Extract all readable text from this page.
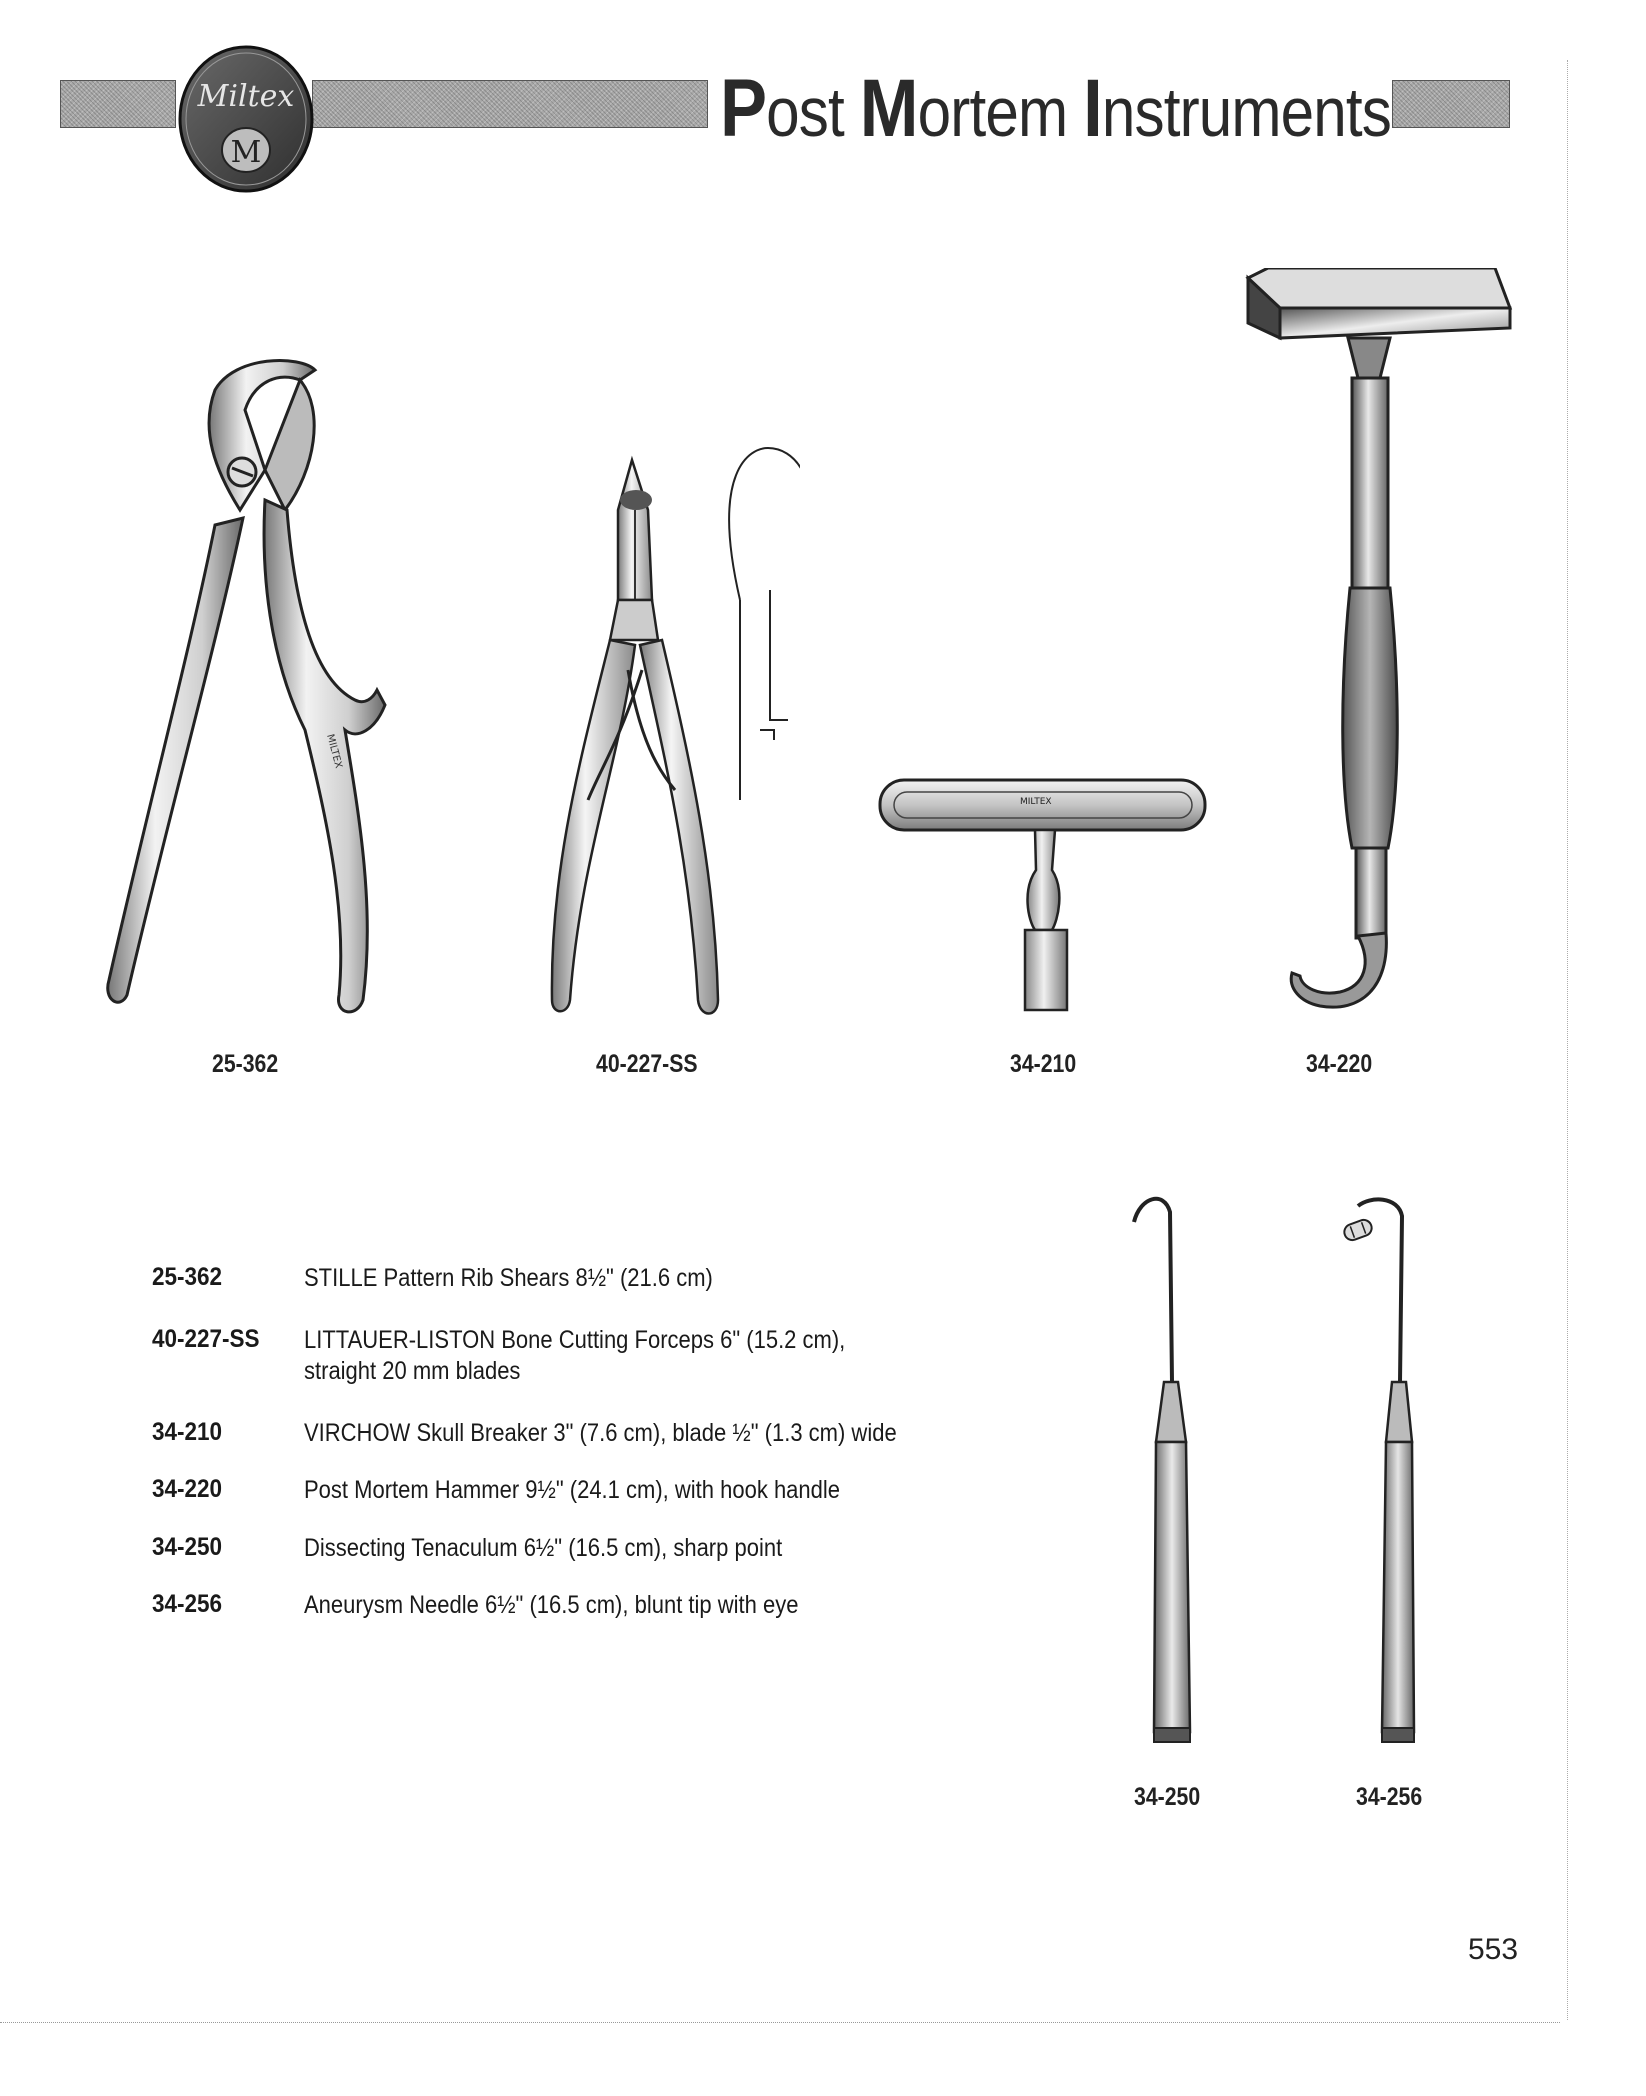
Miltex
M	Post Mortem Instruments
MILTEX
25-362	40-227-SS
MILTEX
34-210	34-220
34-250	34-256
25-362	STILLE Pattern Rib Shears 8½" (21.6 cm)
40-227-SS	LITTAUER-LISTON Bone Cutting Forceps 6" (15.2 cm),
straight 20 mm blades
34-210	VIRCHOW Skull Breaker 3" (7.6 cm), blade ½" (1.3 cm) wide
34-220	Post Mortem Hammer 9½" (24.1 cm), with hook handle
34-250	Dissecting Tenaculum 6½" (16.5 cm), sharp point
34-256	Aneurysm Needle 6½" (16.5 cm), blunt tip with eye
553
